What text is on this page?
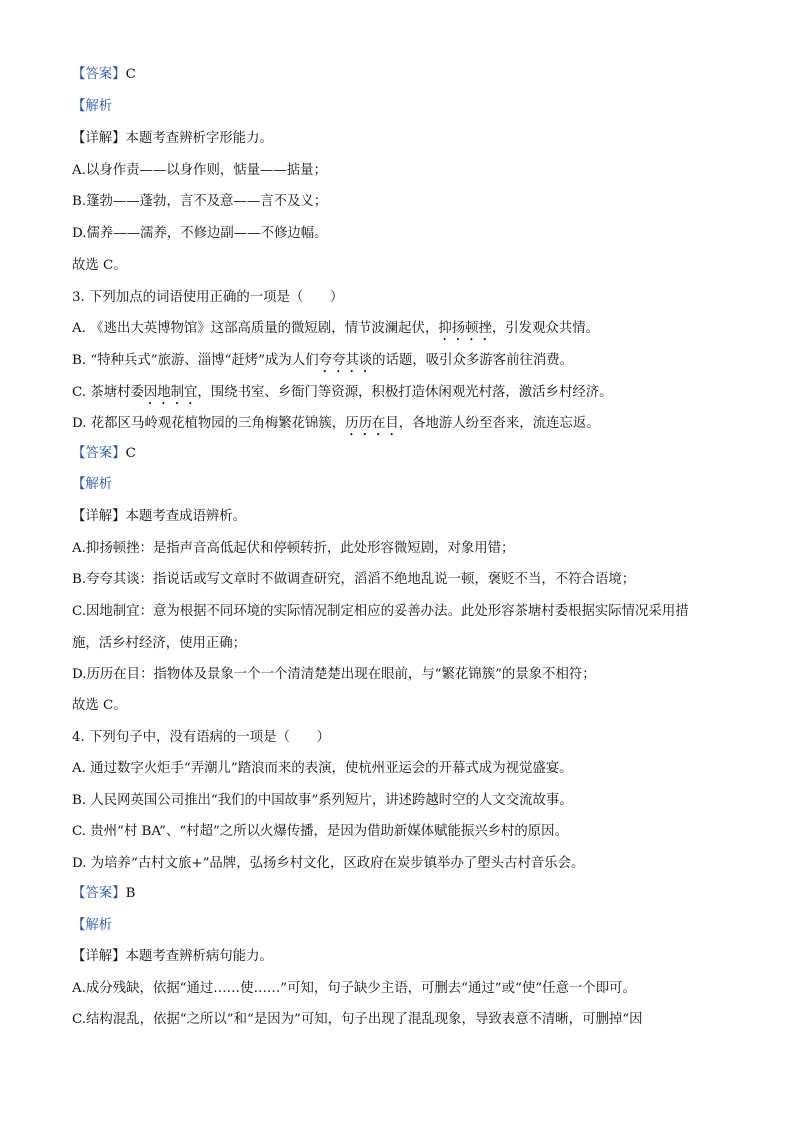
【答案】C
【解析
【详解】本题考查辨析字形能力。
A.以身作责——以身作则，惦量——掂量；
B.篷勃——蓬勃，言不及意——言不及义；
D.儒养——濡养，不修边副——不修边幅。
故选 C。
3. 下列加点的词语使用正确的一项是（　　）
A. 《逃出大英博物馆》这部高质量的微短剧，情节波澜起伏，抑扬顿挫，引发观众共情。
B. “特种兵式”旅游、淄博“赶烤”成为人们夸夸其谈的话题，吸引众多游客前往消费。
C. 茶塘村委因地制宜，围绕书室、乡衙门等资源，积极打造休闲观光村落，激活乡村经济。
D. 花都区马岭观花植物园的三角梅繁花锦簇，历历在目，各地游人纷至沓来，流连忘返。
【答案】C
【解析
【详解】本题考查成语辨析。
A.抑扬顿挫：是指声音高低起伏和停顿转折，此处形容微短剧，对象用错；
B.夸夸其谈：指说话或写文章时不做调查研究，滔滔不绝地乱说一顿，褒贬不当，不符合语境；
C.因地制宜：意为根据不同环境的实际情况制定相应的妥善办法。此处形容茶塘村委根据实际情况采用措
施，活乡村经济，使用正确；
D.历历在目：指物体及景象一个一个清清楚楚出现在眼前，与“繁花锦簇”的景象不相符；
故选 C。
4. 下列句子中，没有语病的一项是（　　）
A. 通过数字火炬手“弄潮儿”踏浪而来的表演，使杭州亚运会的开幕式成为视觉盛宴。
B. 人民网英国公司推出“我们的中国故事”系列短片，讲述跨越时空的人文交流故事。
C. 贵州“村 BA”、“村超”之所以火爆传播，是因为借助新媒体赋能振兴乡村的原因。
D. 为培养“古村文旅+”品牌，弘扬乡村文化，区政府在炭步镇举办了塱头古村音乐会。
【答案】B
【解析
【详解】本题考查辨析病句能力。
A.成分残缺，依据“通过……使……”可知，句子缺少主语，可删去“通过”或“使”任意一个即可。
C.结构混乱，依据“之所以”和“是因为”可知，句子出现了混乱现象，导致表意不清晰，可删掉“因
